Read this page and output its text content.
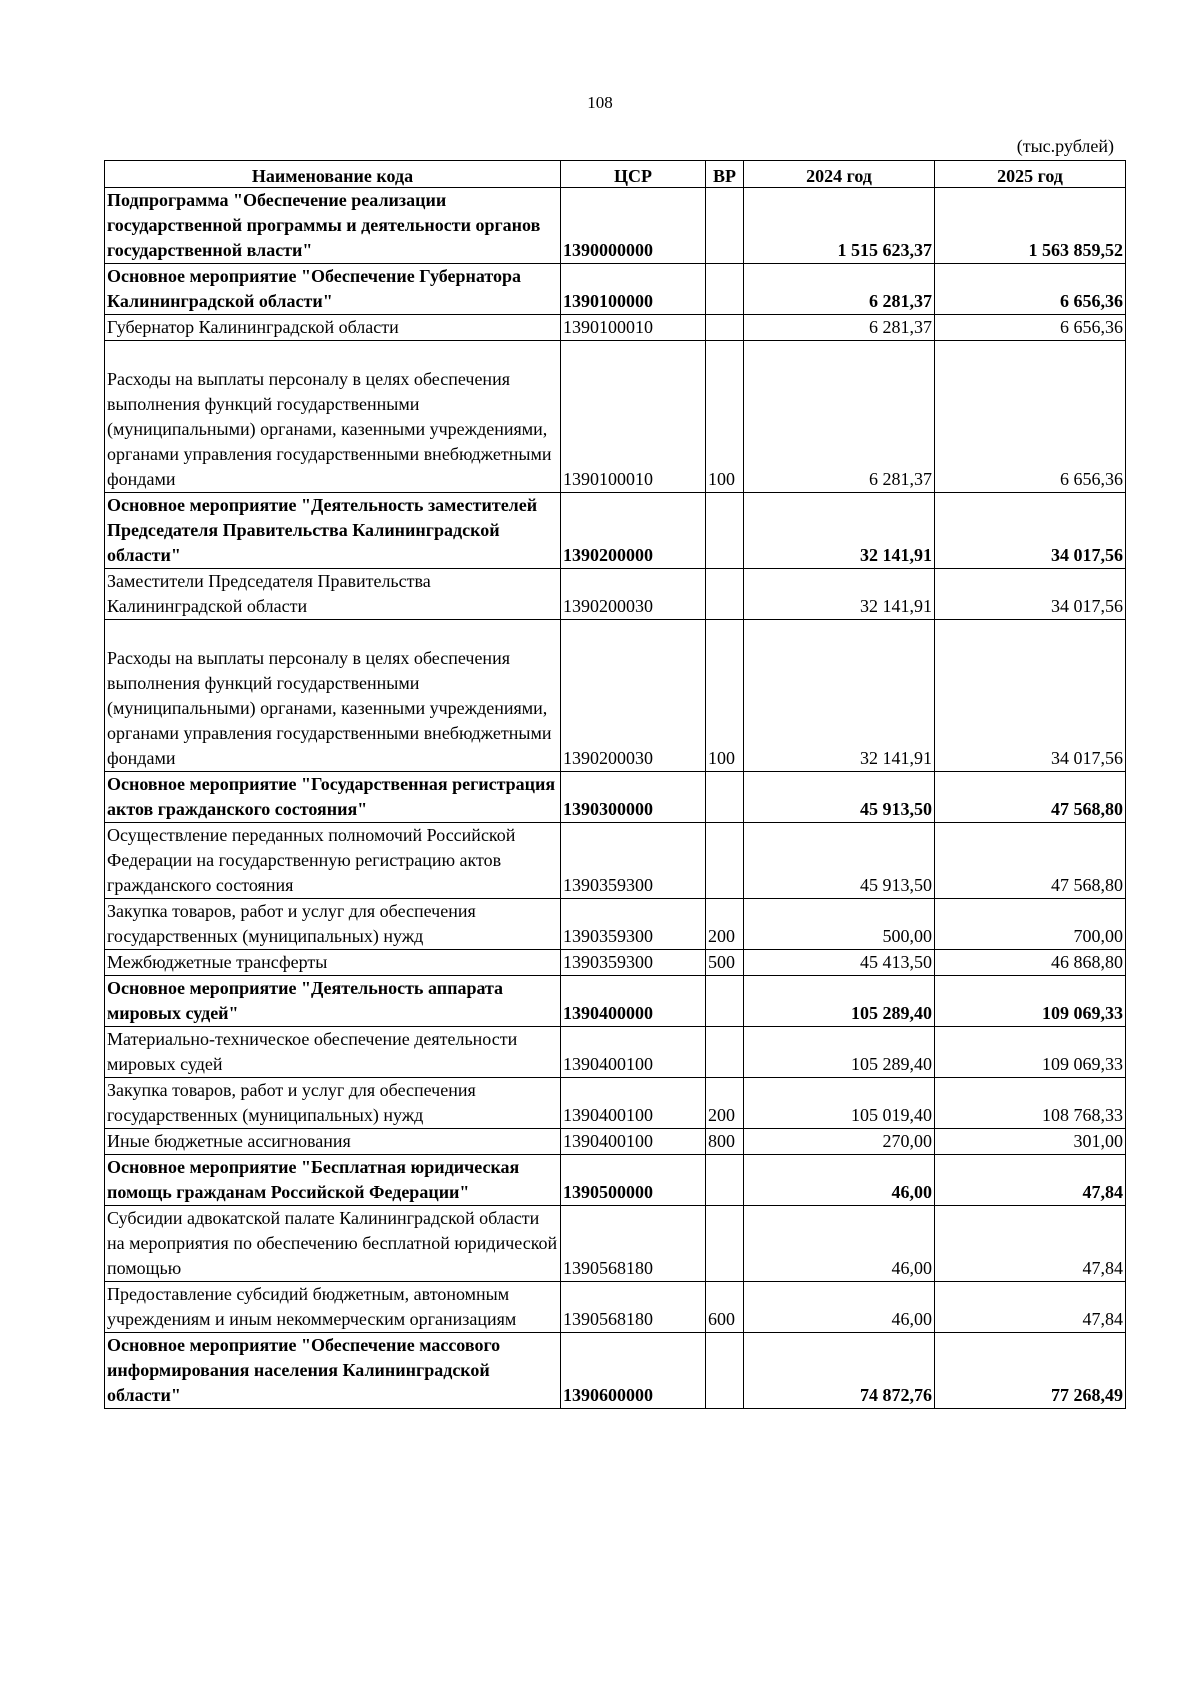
108
(тыс.рублей)
Наименование кода	ЦСР	ВР	2024 год	2025 год
Подпрограмма "Обеспечение реализации государственной программы и деятельности органов государственной власти"	1390000000		1 515 623,37	1 563 859,52
Основное мероприятие "Обеспечение Губернатора Калининградской области"	1390100000		6 281,37	6 656,36
Губернатор Калининградской области	1390100010		6 281,37	6 656,36
Расходы на выплаты персоналу в целях обеспечения выполнения функций государственными (муниципальными) органами, казенными учреждениями, органами управления государственными внебюджетными фондами	1390100010	100	6 281,37	6 656,36
Основное мероприятие "Деятельность заместителей Председателя Правительства Калининградской области"	1390200000		32 141,91	34 017,56
Заместители Председателя Правительства Калининградской области	1390200030		32 141,91	34 017,56
Расходы на выплаты персоналу в целях обеспечения выполнения функций государственными (муниципальными) органами, казенными учреждениями, органами управления государственными внебюджетными фондами	1390200030	100	32 141,91	34 017,56
Основное мероприятие "Государственная регистрация актов гражданского состояния"	1390300000		45 913,50	47 568,80
Осуществление переданных полномочий Российской Федерации на государственную регистрацию актов гражданского состояния	1390359300		45 913,50	47 568,80
Закупка товаров, работ и услуг для обеспечения государственных (муниципальных) нужд	1390359300	200	500,00	700,00
Межбюджетные трансферты	1390359300	500	45 413,50	46 868,80
Основное мероприятие "Деятельность аппарата мировых судей"	1390400000		105 289,40	109 069,33
Материально-техническое обеспечение деятельности мировых судей	1390400100		105 289,40	109 069,33
Закупка товаров, работ и услуг для обеспечения государственных (муниципальных) нужд	1390400100	200	105 019,40	108 768,33
Иные бюджетные ассигнования	1390400100	800	270,00	301,00
Основное мероприятие "Бесплатная юридическая помощь гражданам Российской Федерации"	1390500000		46,00	47,84
Субсидии адвокатской палате Калининградской области на мероприятия по обеспечению бесплатной юридической помощью	1390568180		46,00	47,84
Предоставление субсидий бюджетным, автономным учреждениям и иным некоммерческим организациям	1390568180	600	46,00	47,84
Основное мероприятие "Обеспечение массового информирования населения Калининградской области"	1390600000		74 872,76	77 268,49
